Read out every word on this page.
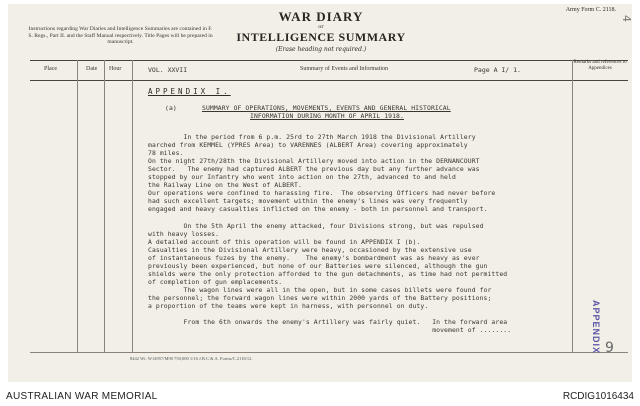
Instructions regarding War Diaries and Intelligence Summaries are contained in F. S. Regs., Part II. and the Staff Manual respectively. Title Pages will be prepared in manuscript.
WAR DIARY
or
INTELLIGENCE SUMMARY
(Erase heading not required.)
Army Form C. 2118.
4
Place	Date Hour	VOL. XXVII	Summary of Events and Information	Page A I/ 1.
Remarks and references to Appendices
APPENDIX I.
(a)	SUMMARY OF OPERATIONS, MOVEMENTS, EVENTS AND GENERAL HISTORICAL
INFORMATION DURING MONTH OF APRIL 1918.
In the period from 6 p.m. 25rd to 27th March 1918 the Divisional Artillery
marched from KEMMEL (YPRES Area) to VARENNES (ALBERT Area) covering approximately
78 miles.
On the night 27th/28th the Divisional Artillery moved into action in the DERNANCOURT
Sector.   The enemy had captured ALBERT the previous day but any further advance was
stopped by our Infantry who went into action on the 27th, advanced to and held
the Railway Line on the West of ALBERT.
Our operations were confined to harassing fire.  The observing Officers had never before
had such excellent targets; movement within the enemy's lines was very frequently
engaged and heavy casualties inflicted on the enemy - both in personnel and transport.
On the 5th April the enemy attacked, four Divisions strong, but was repulsed
with heavy losses.
A detailed account of this operation will be found in APPENDIX I (b).
Casualties in the Divisional Artillery were heavy, occasioned by the extensive use
of instantaneous fuzes by the enemy.    The enemy's bombardment was as heavy as ever
previously been experienced, but none of our Batteries were silenced, although the gun
shields were the only protection afforded to the gun detachments, as time had not permitted
of completion of gun emplacements.
The wagon lines were all in the open, but in some cases billets were found for
the personnel; the forward wagon lines were within 2000 yards of the Battery positions;
a proportion of the teams were kept in harness, with personnel on duty.
From the 6th onwards the enemy's Artillery was fairly quiet.   In the forward area
movement of ........
8442 Wt. W14957/M90 750,000 1/16 J.B.C.& A. Forms/C.2118/12.
APPENDIX 9
AUSTRALIAN WAR MEMORIAL	RCDIG1016434
